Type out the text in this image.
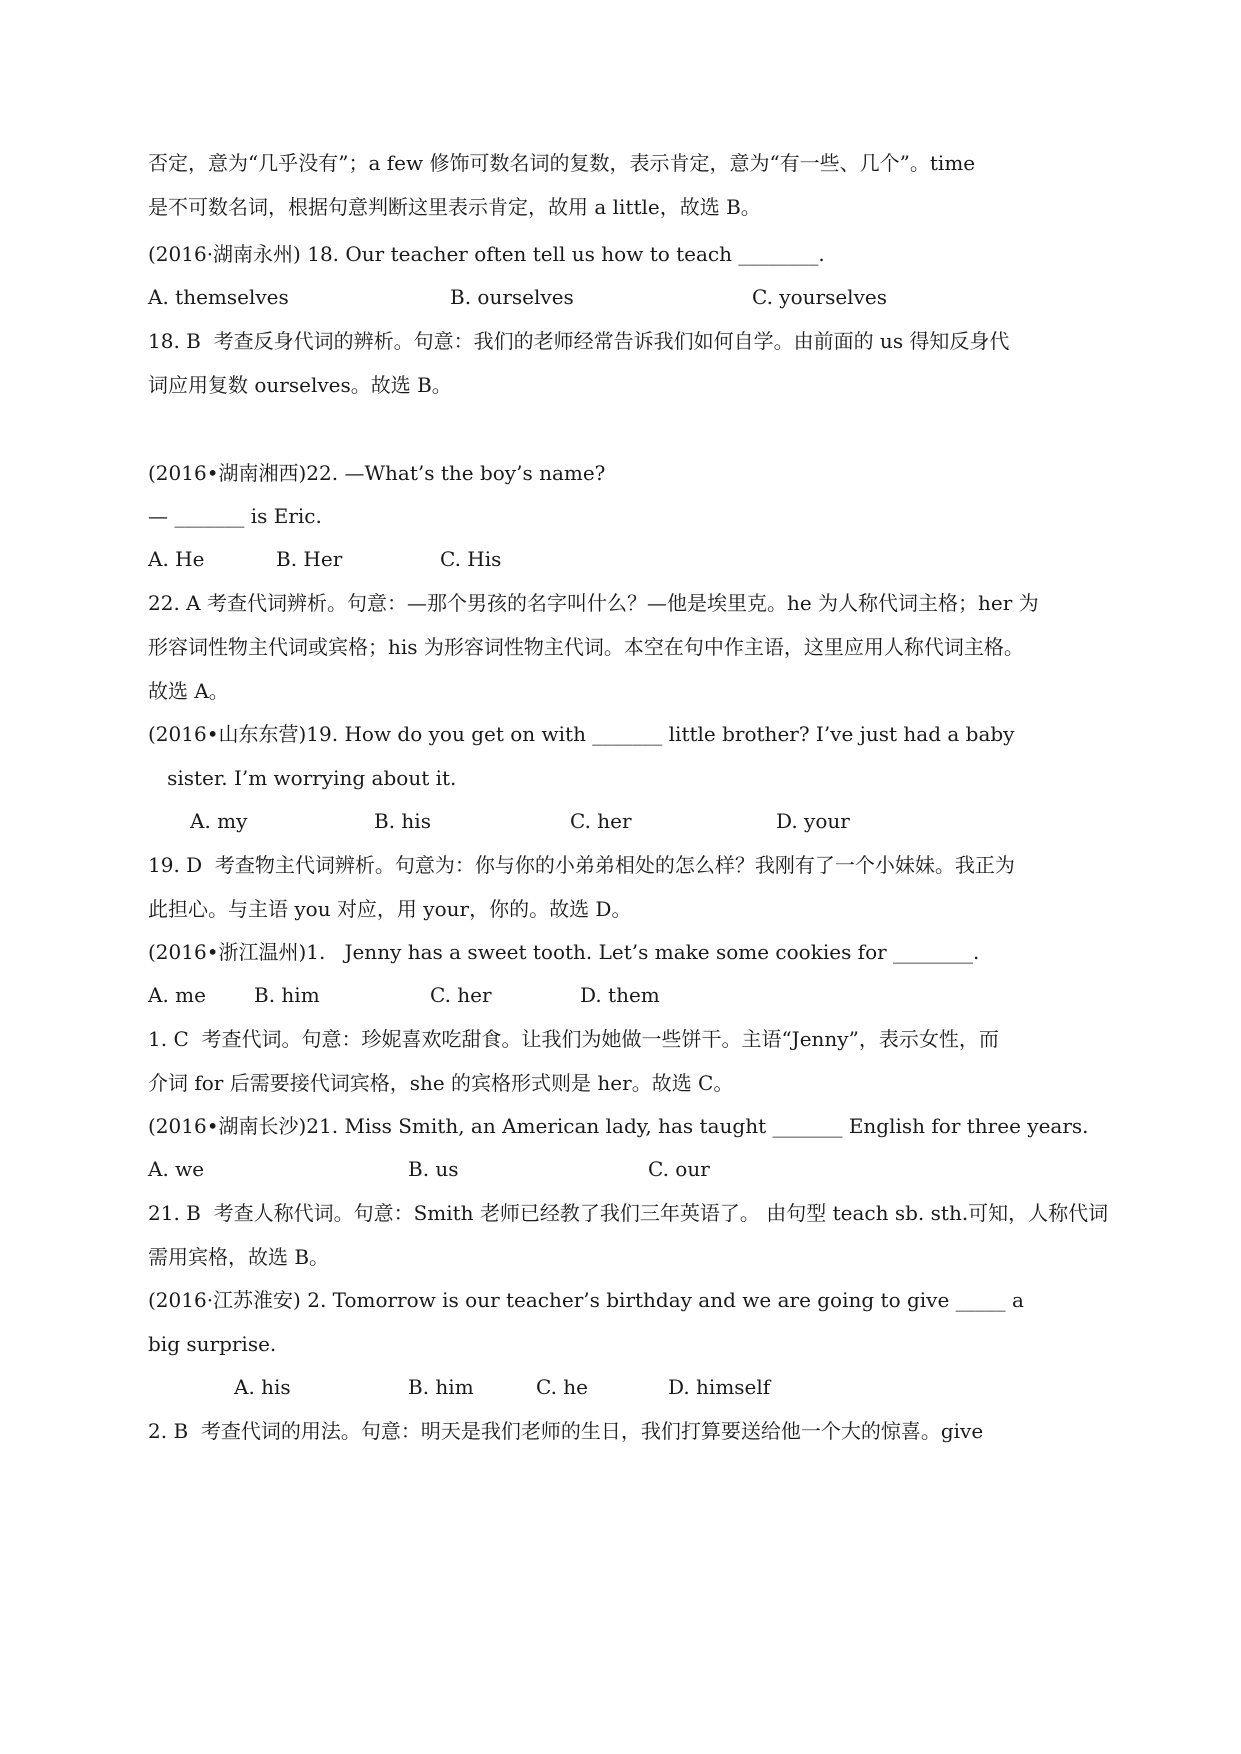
否定，意为“几乎没有”；a few 修饰可数名词的复数，表示肯定，意为“有一些、几个”。time
是不可数名词，根据句意判断这里表示肯定，故用 a little，故选 B。
(2016·湖南永州) 18. Our teacher often tell us how to teach ________.
A. themselves	B. ourselves	C. yourselves
18. B  考查反身代词的辨析。句意：我们的老师经常告诉我们如何自学。由前面的 us 得知反身代
词应用复数 ourselves。故选 B。
(2016•湖南湘西)22. —What’s the boy’s name?
— _______ is Eric.
A. He	B. Her	C. His
22. A 考查代词辨析。句意：—那个男孩的名字叫什么？—他是埃里克。he 为人称代词主格；her 为
形容词性物主代词或宾格；his 为形容词性物主代词。本空在句中作主语，这里应用人称代词主格。
故选 A。
(2016•山东东营)19. How do you get on with _______ little brother? I’ve just had a baby
sister. I’m worrying about it.
A. my	B. his	C. her	D. your
19. D  考查物主代词辨析。句意为：你与你的小弟弟相处的怎么样？我刚有了一个小妹妹。我正为
此担心。与主语 you 对应，用 your，你的。故选 D。
(2016•浙江温州)1.   Jenny has a sweet tooth. Let’s make some cookies for ________.
A. me B. him	C. her	D. them
1. C  考查代词。句意：珍妮喜欢吃甜食。让我们为她做一些饼干。主语“Jenny”，表示女性，而
介词 for 后需要接代词宾格，she 的宾格形式则是 her。故选 C。
(2016•湖南长沙)21. Miss Smith, an American lady, has taught _______ English for three years.
A. we	B. us	C. our
21. B  考查人称代词。句意：Smith 老师已经教了我们三年英语了。 由句型 teach sb. sth.可知，人称代词
需用宾格，故选 B。
(2016·江苏淮安) 2. Tomorrow is our teacher’s birthday and we are going to give _____ a
big surprise.
A. his	B. him	C. he	D. himself
2. B  考查代词的用法。句意：明天是我们老师的生日，我们打算要送给他一个大的惊喜。give
